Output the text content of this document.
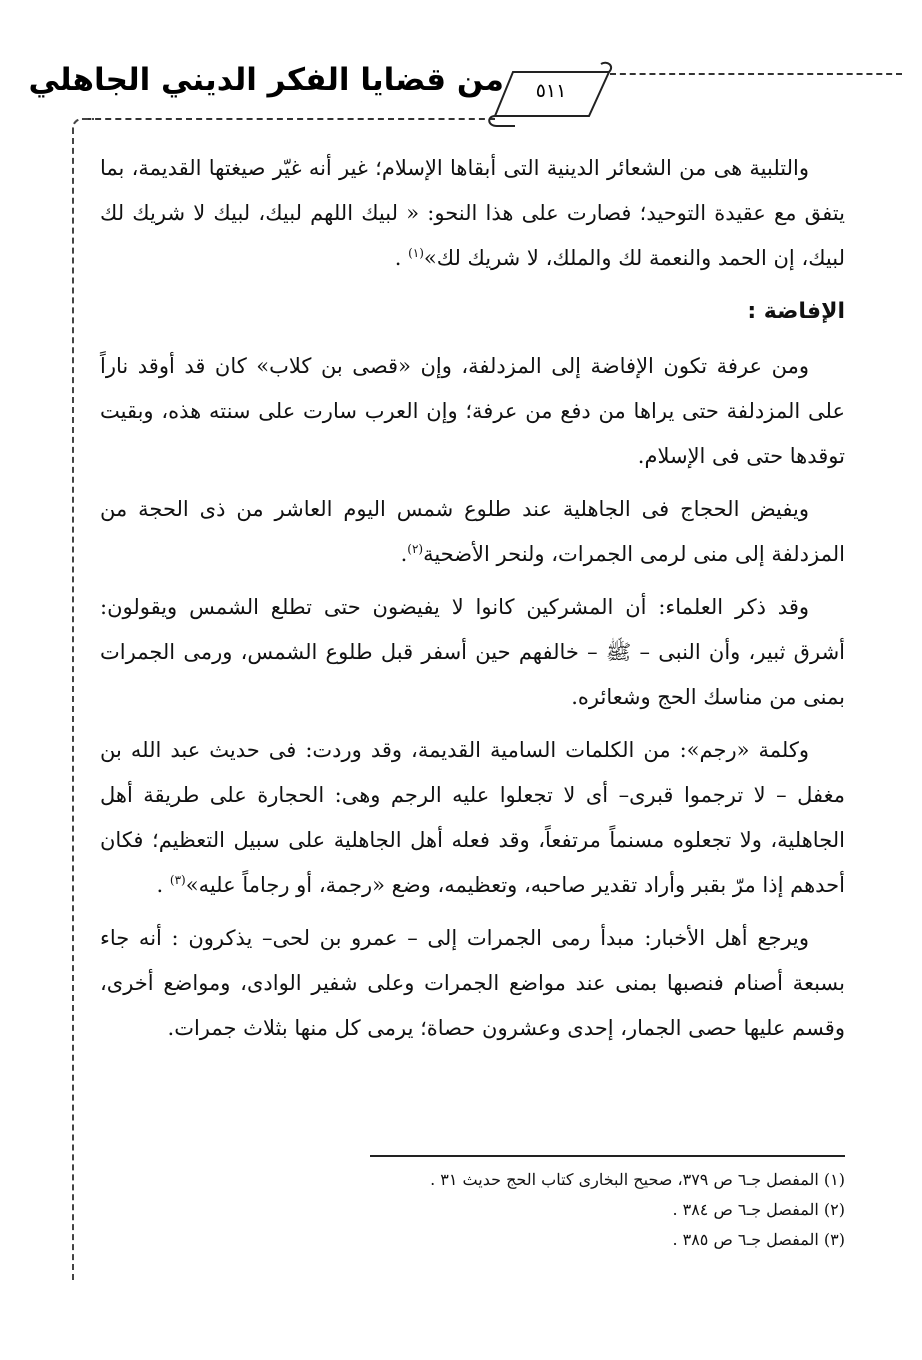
٥١١
من قضايا الفكر الديني الجاهلي

والتلبية هى من الشعائر الدينية التى أبقاها الإسلام؛ غير أنه غيّر صيغتها القديمة، بما يتفق مع عقيدة التوحيد؛ فصارت على هذا النحو: « لبيك اللهم لبيك، لبيك لا شريك لك لبيك، إن الحمد والنعمة لك والملك، لا شريك لك»$^{(١)}$ .

الإفاضة :

ومن عرفة تكون الإفاضة إلى المزدلفة، وإن «قصى بن كلاب» كان قد أوقد ناراً على المزدلفة حتى يراها من دفع من عرفة؛ وإن العرب سارت على سنته هذه، وبقيت توقدها حتى فى الإسلام.

ويفيض الحجاج فى الجاهلية عند طلوع شمس اليوم العاشر من ذى الحجة من المزدلفة إلى منى لرمى الجمرات، ولنحر الأضحية$^{(٢)}$.

وقد ذكر العلماء: أن المشركين كانوا لا يفيضون حتى تطلع الشمس ويقولون: أشرق ثبير، وأن النبى – ﷺ – خالفهم حين أسفر قبل طلوع الشمس، ورمى الجمرات بمنى من مناسك الحج وشعائره.

وكلمة «رجم»: من الكلمات السامية القديمة، وقد وردت: فى حديث عبد الله بن مغفل – لا ترجموا قبرى– أى لا تجعلوا عليه الرجم وهى: الحجارة على طريقة أهل الجاهلية، ولا تجعلوه مسنماً مرتفعاً، وقد فعله أهل الجاهلية على سبيل التعظيم؛ فكان أحدهم إذا مرّ بقبر وأراد تقدير صاحبه، وتعظيمه، وضع «رجمة، أو رجاماً عليه»$^{(٣)}$ .

ويرجع أهل الأخبار: مبدأ رمى الجمرات إلى – عمرو بن لحى– يذكرون : أنه جاء بسبعة أصنام فنصبها بمنى عند مواضع الجمرات وعلى شفير الوادى، ومواضع أخرى، وقسم عليها حصى الجمار، إحدى وعشرون حصاة؛ يرمى كل منها بثلاث جمرات.

(١) المفصل جـ٦ ص ٣٧٩، صحيح البخارى كتاب الحج حديث ٣١ .
(٢) المفصل جـ٦ ص ٣٨٤ .
(٣) المفصل جـ٦ ص ٣٨٥ .
